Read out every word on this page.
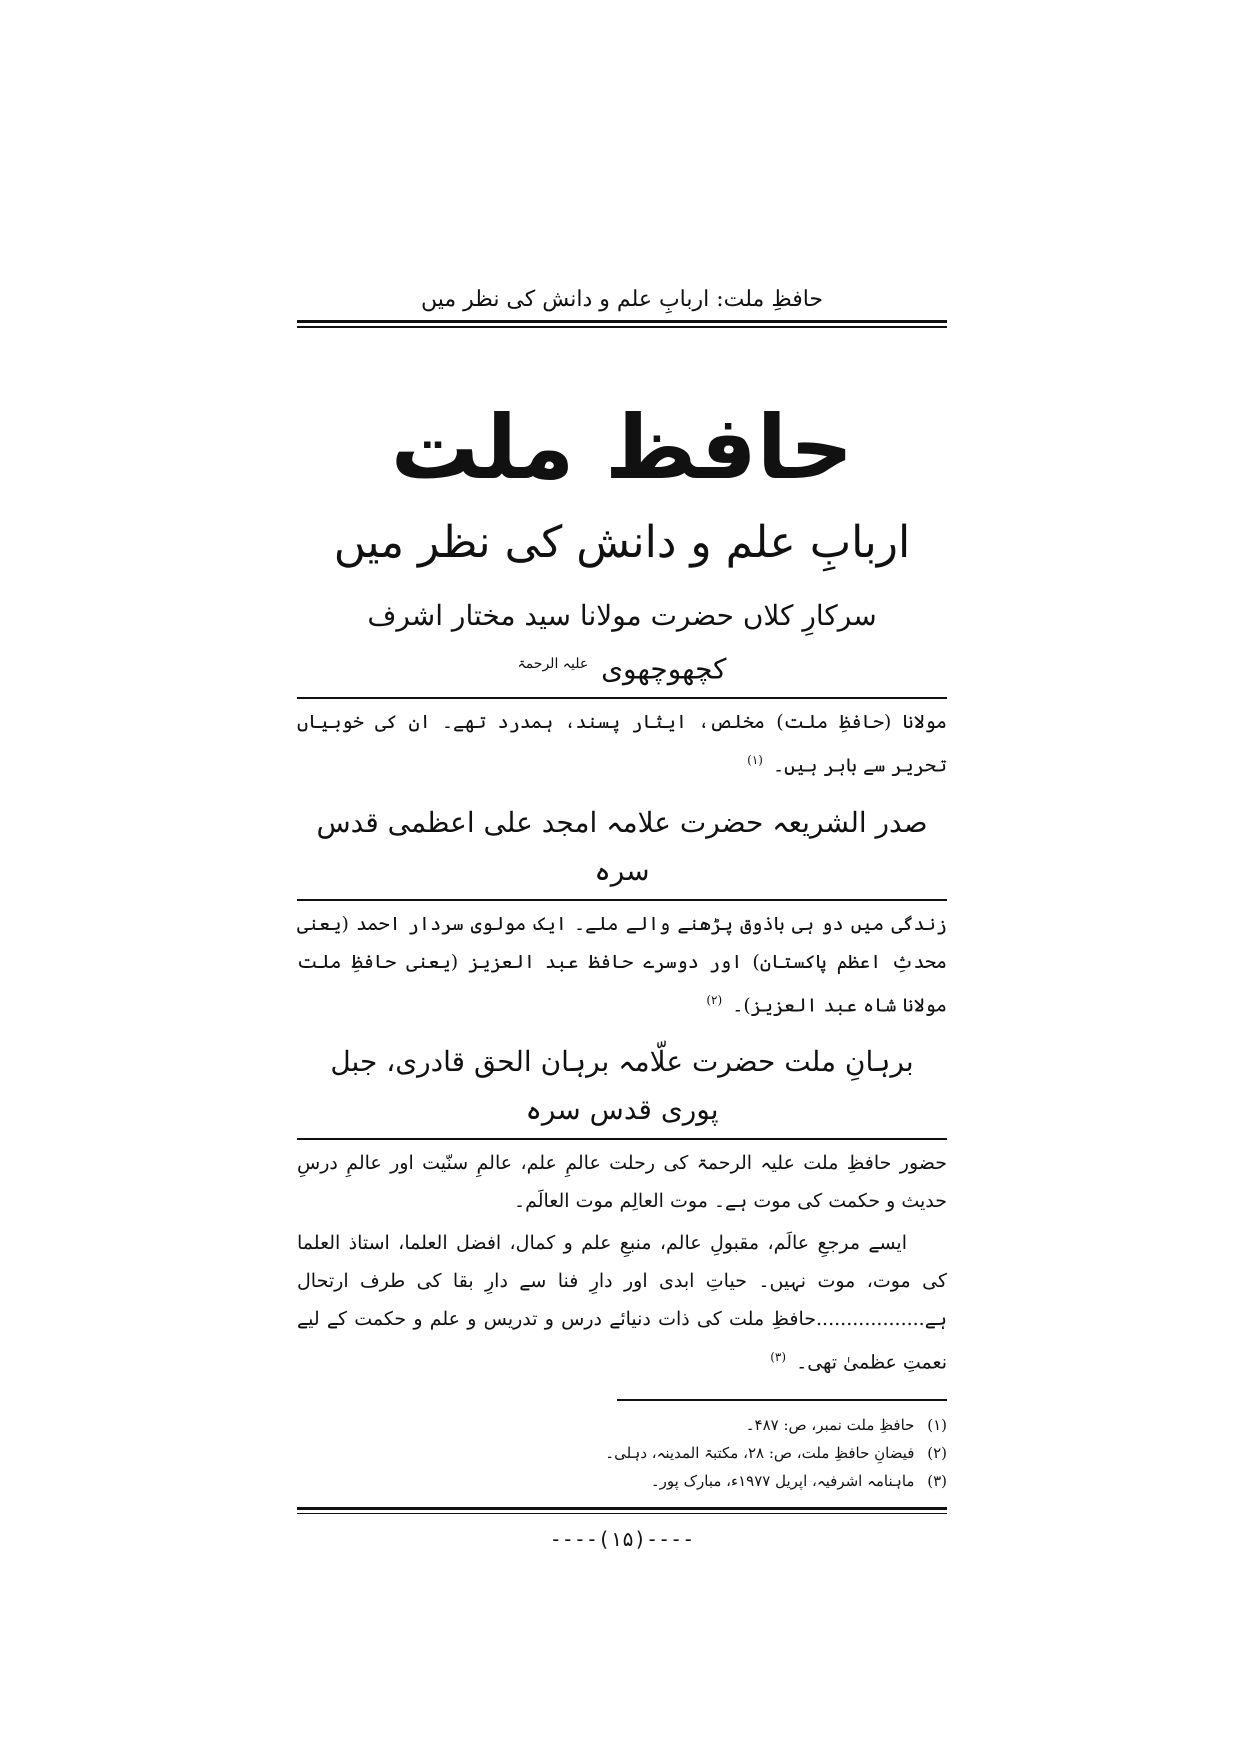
حافظِ ملت: اربابِ علم و دانش کی نظر میں
حافظ ملت
اربابِ علم و دانش کی نظر میں
سرکارِ کلاں حضرت مولانا سید مختار اشرف کچھوچھوی $^{علیہ الرحمۃ}$

مولانا (حافظِ ملت) مخلص، ایثار پسند، ہمدرد تھے۔ ان کی خوبیاں تحریر سے باہر ہیں۔ $^{(۱)}$

صدر الشریعہ حضرت علامہ امجد علی اعظمی قدس سرہ

زندگی میں دو ہی باذوق پڑھنے والے ملے۔ ایک مولوی سردار احمد (یعنی محدثِ اعظم پاکستان) اور دوسرے حافظ عبد العزیز (یعنی حافظِ ملت مولانا شاہ عبد العزیز)۔ $^{(۲)}$

برہانِ ملت حضرت علّامہ برہان الحق قادری، جبل پوری قدس سرہ

حضور حافظِ ملت علیہ الرحمۃ کی رحلت عالمِ علم، عالمِ سنّیت اور عالمِ درسِ حدیث و حکمت کی موت ہے۔ موت العالِم موت العالَم۔

ایسے مرجعِ عالَم، مقبولِ عالم، منبعِ علم و کمال، افضل العلما، استاذ العلما کی موت، موت نہیں۔ حیاتِ ابدی اور دارِ فنا سے دارِ بقا کی طرف ارتحال ہے..................حافظِ ملت کی ذات دنیائے درس و تدریس و علم و حکمت کے لیے نعمتِ عظمیٰ تھی۔ $^{(۳)}$

(۱) حافظِ ملت نمبر، ص: ۴۸۷۔
(۲) فیضانِ حافظِ ملت، ص: ۲۸، مکتبۃ المدینہ، دہلی۔
(۳) ماہنامہ اشرفیہ، اپریل ۱۹۷۷ء، مبارک پور۔
----(۱۵)----
